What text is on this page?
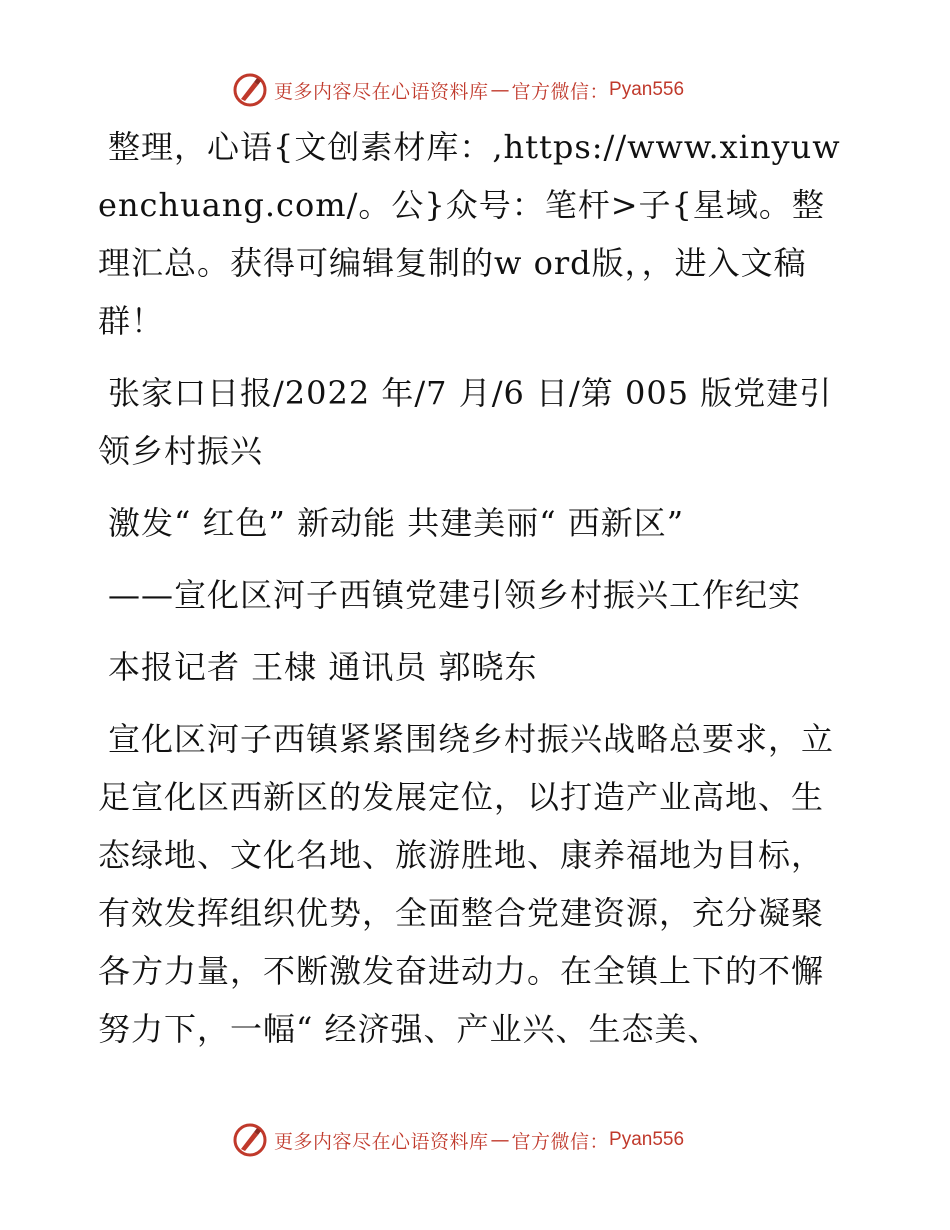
更多内容尽在心语资料库 — 官方微信： Pyan556

整理，心语{文创素材库：,https://www.xinyuwenchuang.com/。公}众号：笔杆>子{星域。整理汇总。获得可编辑复制的w ord版，，进入文稿群！

张家口日报/2022 年/7 月/6 日/第 005 版党建引领乡村振兴

激发“ 红色” 新动能 共建美丽“ 西新区”

——宣化区河子西镇党建引领乡村振兴工作纪实

本报记者 王棣 通讯员 郭晓东

宣化区河子西镇紧紧围绕乡村振兴战略总要求，立足宣化区西新区的发展定位，以打造产业高地、生态绿地、文化名地、旅游胜地、康养福地为目标，有效发挥组织优势，全面整合党建资源，充分凝聚各方力量，不断激发奋进动力。在全镇上下的不懈努力下，一幅“ 经济强、产业兴、生态美、

更多内容尽在心语资料库 — 官方微信： Pyan556
